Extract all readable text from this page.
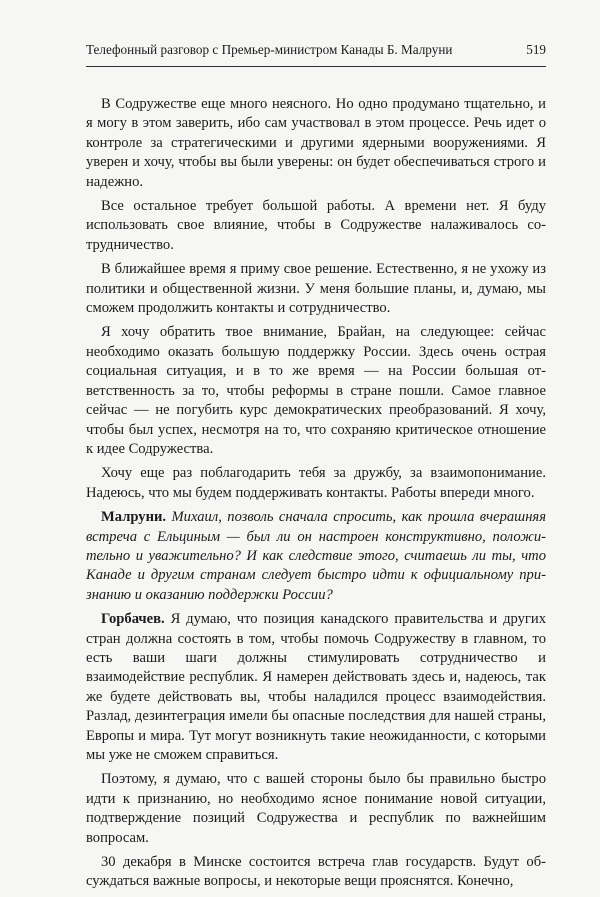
Телефонный разговор с Премьер-министром Канады Б. Малруни	519

В Содружестве еще много неясного. Но одно продумано тщательно, и я могу в этом заверить, ибо сам участвовал в этом процессе. Речь идет о контроле за стратегическими и другими ядерными вооружениями. Я уверен и хочу, чтобы вы были уверены: он будет обеспечиваться строго и надежно.

Все остальное требует большой работы. А времени нет. Я буду использовать свое влияние, чтобы в Содружестве налаживалось сотрудничество.

В ближайшее время я приму свое решение. Естественно, я не ухожу из политики и общественной жизни. У меня большие планы, и, думаю, мы сможем продолжить контакты и сотрудничество.

Я хочу обратить твое внимание, Брайан, на следующее: сейчас необходимо оказать большую поддержку России. Здесь очень острая социальная ситуация, и в то же время — на России большая ответственность за то, чтобы реформы в стране пошли. Самое главное сейчас — не погубить курс демократических преобразований. Я хочу, чтобы был успех, несмотря на то, что сохраняю критическое отношение к идее Содружества.

Хочу еще раз поблагодарить тебя за дружбу, за взаимопонимание. Надеюсь, что мы будем поддерживать контакты. Работы впереди много.

Малруни. Михаил, позволь сначала спросить, как прошла вчерашняя встреча с Ельциным — был ли он настроен конструктивно, положительно и уважительно? И как следствие этого, считаешь ли ты, что Канаде и другим странам следует быстро идти к официальному признанию и оказанию поддержки России?

Горбачев. Я думаю, что позиция канадского правительства и других стран должна состоять в том, чтобы помочь Содружеству в главном, то есть ваши шаги должны стимулировать сотрудничество и взаимодействие республик. Я намерен действовать здесь и, надеюсь, так же будете действовать вы, чтобы наладился процесс взаимодействия. Разлад, дезинтеграция имели бы опасные последствия для нашей страны, Европы и мира. Тут могут возникнуть такие неожиданности, с которыми мы уже не сможем справиться.

Поэтому, я думаю, что с вашей стороны было бы правильно быстро идти к признанию, но необходимо ясное понимание новой ситуации, подтверждение позиций Содружества и республик по важнейшим вопросам.

30 декабря в Минске состоится встреча глав государств. Будут обсуждаться важные вопросы, и некоторые вещи прояснятся. Конечно,
